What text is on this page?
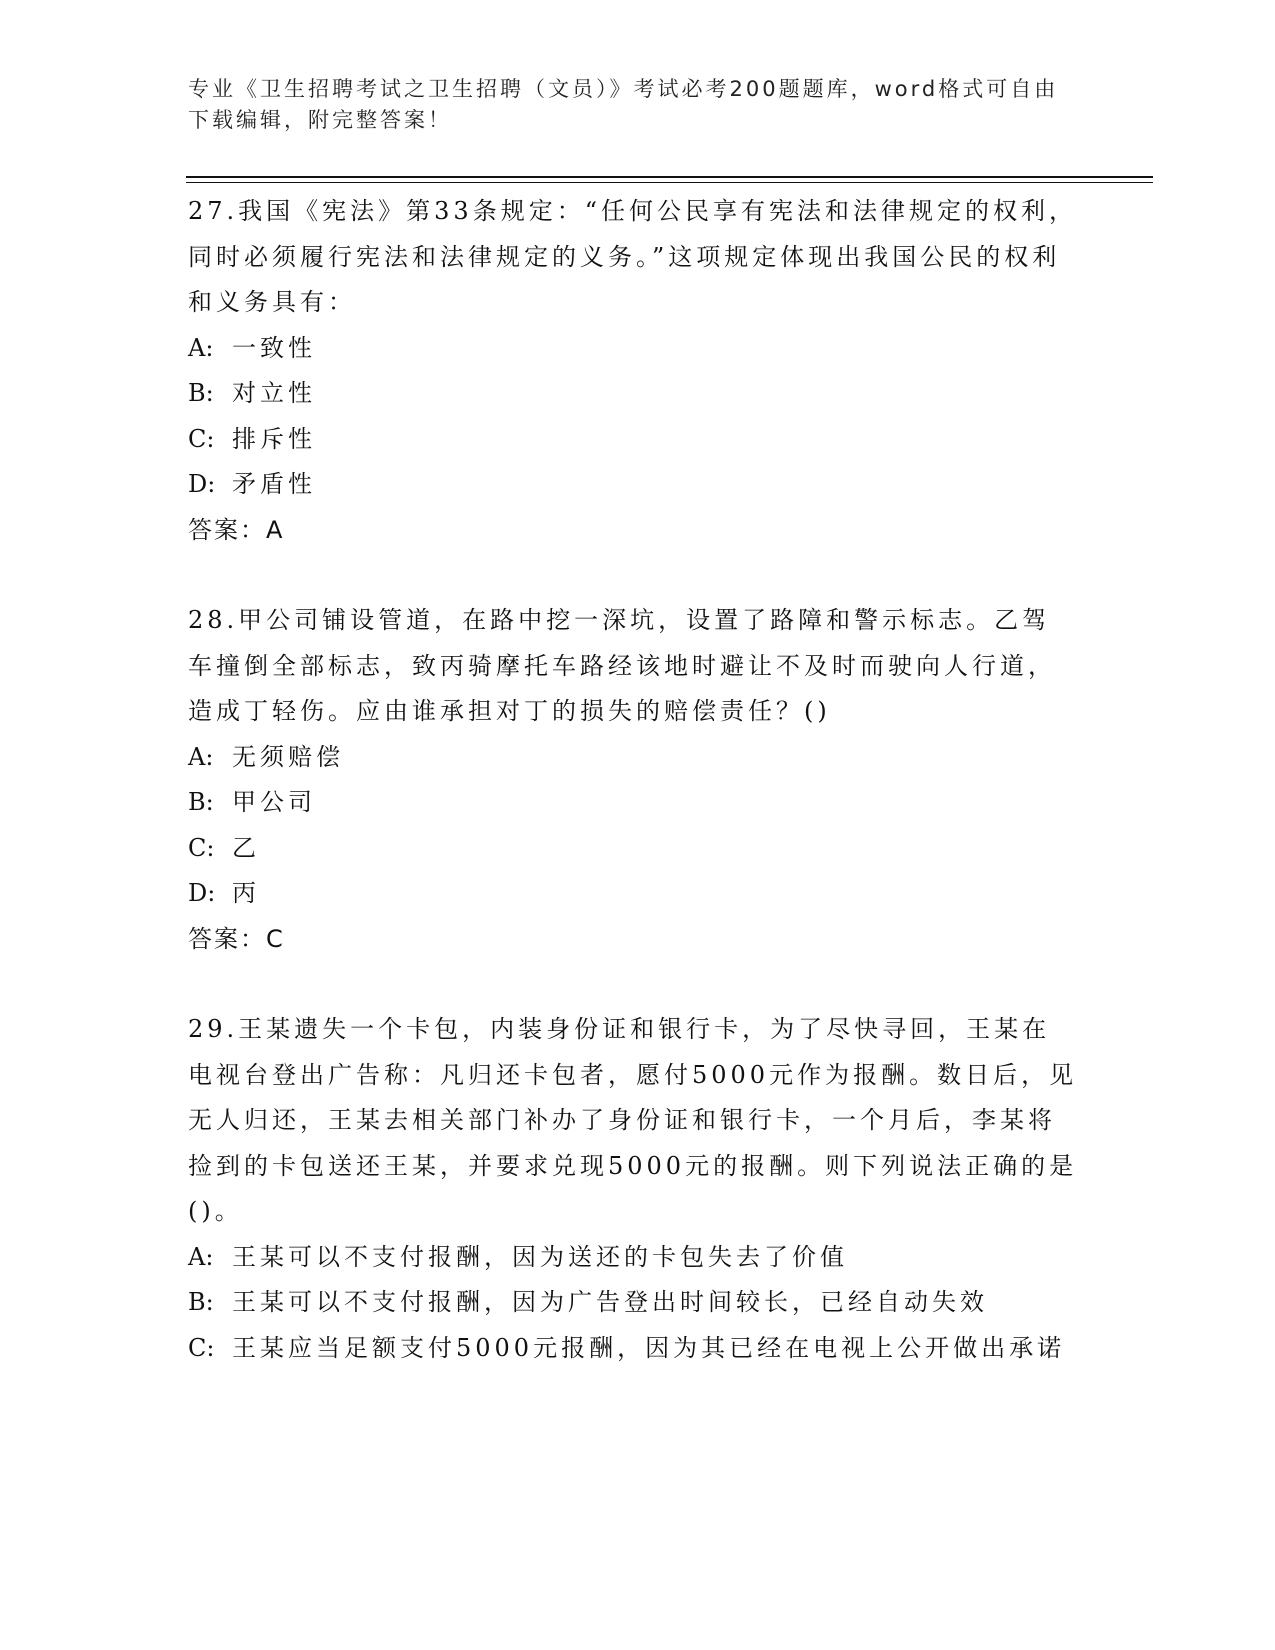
专业《卫生招聘考试之卫生招聘（文员）》考试必考200题题库，word格式可自由下载编辑，附完整答案！

27.我国《宪法》第33条规定：“任何公民享有宪法和法律规定的权利，同时必须履行宪法和法律规定的义务。”这项规定体现出我国公民的权利和义务具有：

A: 一致性

B: 对立性

C: 排斥性

D: 矛盾性

答案：A

28.甲公司铺设管道，在路中挖一深坑，设置了路障和警示标志。乙驾车撞倒全部标志，致丙骑摩托车路经该地时避让不及时而驶向人行道，造成丁轻伤。应由谁承担对丁的损失的赔偿责任？()

A: 无须赔偿

B: 甲公司

C: 乙

D: 丙

答案：C

29.王某遗失一个卡包，内装身份证和银行卡，为了尽快寻回，王某在电视台登出广告称：凡归还卡包者，愿付5000元作为报酬。数日后，见无人归还，王某去相关部门补办了身份证和银行卡，一个月后，李某将捡到的卡包送还王某，并要求兑现5000元的报酬。则下列说法正确的是()。

A: 王某可以不支付报酬，因为送还的卡包失去了价值

B: 王某可以不支付报酬，因为广告登出时间较长，已经自动失效

C: 王某应当足额支付5000元报酬，因为其已经在电视上公开做出承诺
